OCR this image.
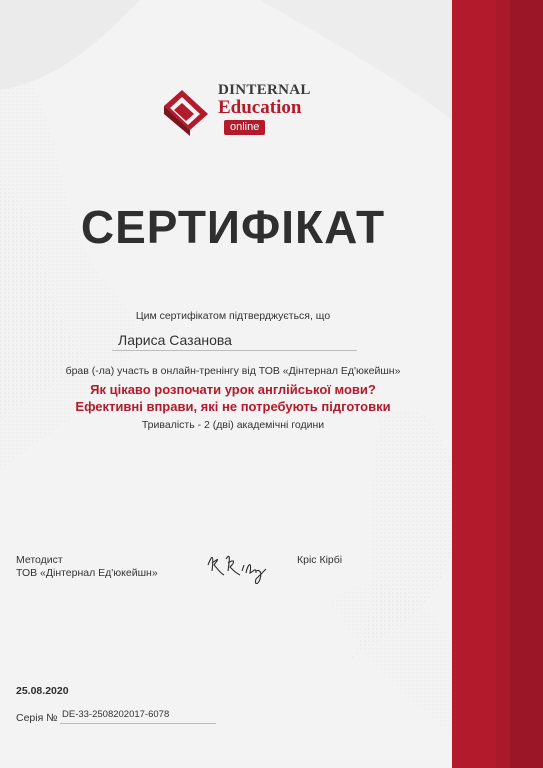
DINTERNAL
Education
online
СЕРТИФІКАТ
Цим сертифікатом підтверджується, що
Лариса Сазанова
брав (-ла) участь в онлайн-тренінгу від ТОВ «Дінтернал Ед'юкейшн»
Як цікаво розпочати урок англійської мови?
Ефективні вправи, які не потребують підготовки
Тривалість - 2 (дві) академічні години
Методист
ТОВ «Дінтернал Ед'юкейшн»
Кріс Кірбі
25.08.2020
Серія № DE-33-2508202017-6078
